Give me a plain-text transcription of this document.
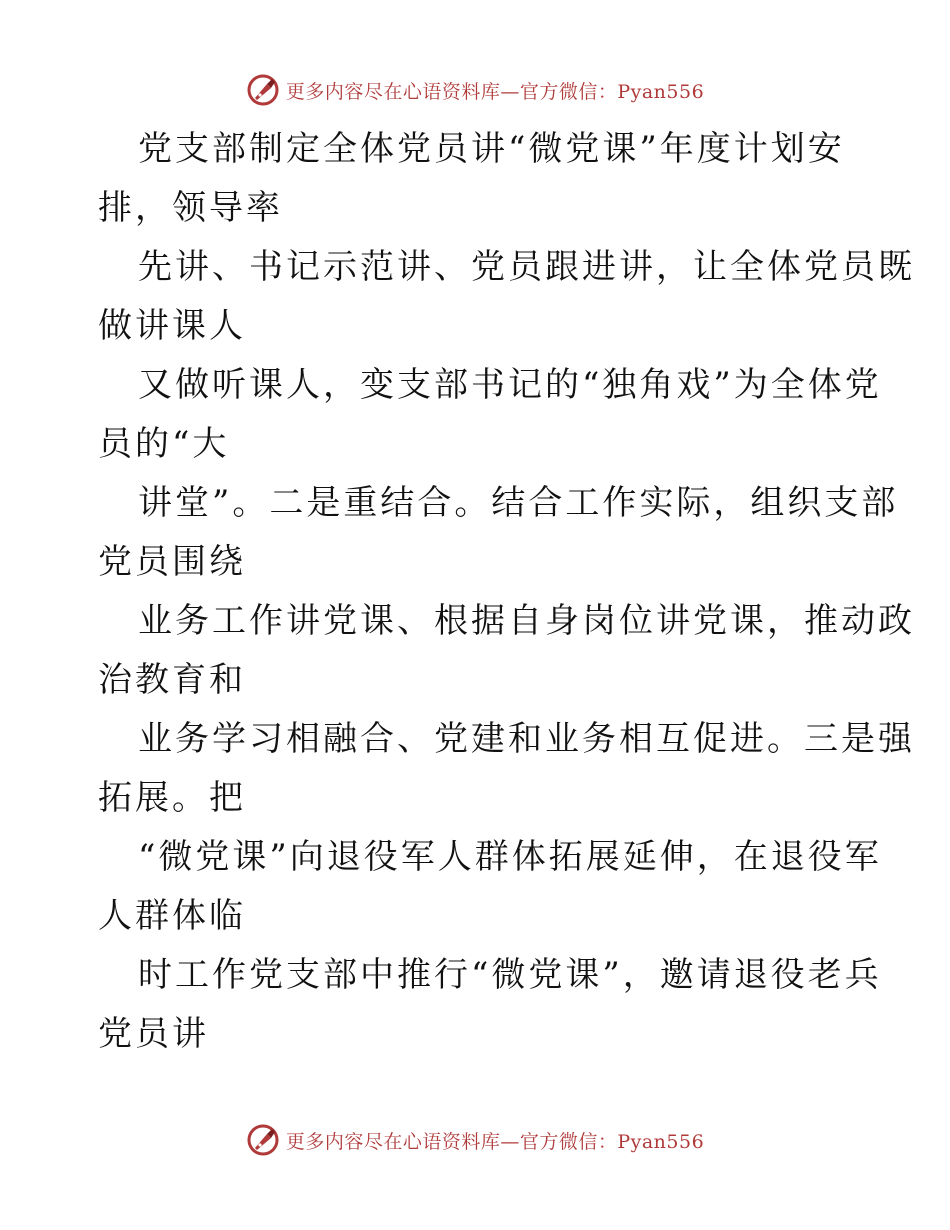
更多内容尽在心语资料库—官方微信：Pyan556
党支部制定全体党员讲“微党课”年度计划安
排，领导率
先讲、书记示范讲、党员跟进讲，让全体党员既
做讲课人
又做听课人，变支部书记的“独角戏”为全体党
员的“大
讲堂”。二是重结合。结合工作实际，组织支部
党员围绕
业务工作讲党课、根据自身岗位讲党课，推动政
治教育和
业务学习相融合、党建和业务相互促进。三是强
拓展。把
“微党课”向退役军人群体拓展延伸，在退役军
人群体临
时工作党支部中推行“微党课”，邀请退役老兵
党员讲
更多内容尽在心语资料库—官方微信：Pyan556
